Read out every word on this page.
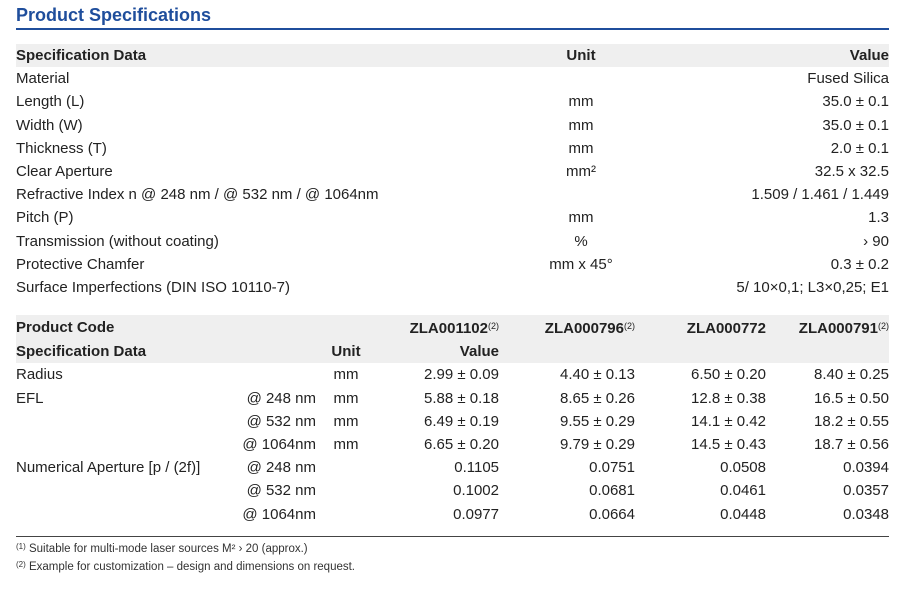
Product Specifications
Specification Data	Unit	Value
Material		Fused Silica
Length (L)	mm	35.0 ± 0.1
Width (W)	mm	35.0 ± 0.1
Thickness (T)	mm	2.0 ± 0.1
Clear Aperture	mm²	32.5 x 32.5
Refractive Index n @ 248 nm / @ 532 nm / @ 1064nm		1.509 / 1.461 / 1.449
Pitch (P)	mm	1.3
Transmission (without coating)	%	› 90
Protective Chamfer	mm x 45°	0.3 ± 0.2
Surface Imperfections (DIN ISO 10110-7)		5/ 10×0,1; L3×0,25; E1
Product Code			ZLA001102$^{(2)}$	ZLA000796$^{(2)}$	ZLA000772	ZLA000791$^{(2)}$
Specification Data		Unit	Value			
Radius		mm	2.99 ± 0.09	4.40 ± 0.13	6.50 ± 0.20	8.40 ± 0.25
EFL	@ 248 nm	mm	5.88 ± 0.18	8.65 ± 0.26	12.8 ± 0.38	16.5 ± 0.50
	@ 532 nm	mm	6.49 ± 0.19	9.55 ± 0.29	14.1 ± 0.42	18.2 ± 0.55
	@ 1064nm	mm	6.65 ± 0.20	9.79 ± 0.29	14.5 ± 0.43	18.7 ± 0.56
Numerical Aperture [p / (2f)]	@ 248 nm		0.1105	0.0751	0.0508	0.0394
	@ 532 nm		0.1002	0.0681	0.0461	0.0357
	@ 1064nm		0.0977	0.0664	0.0448	0.0348
$^{(1)}$ Suitable for multi-mode laser sources M² › 20 (approx.)
$^{(2)}$ Example for customization – design and dimensions on request.
